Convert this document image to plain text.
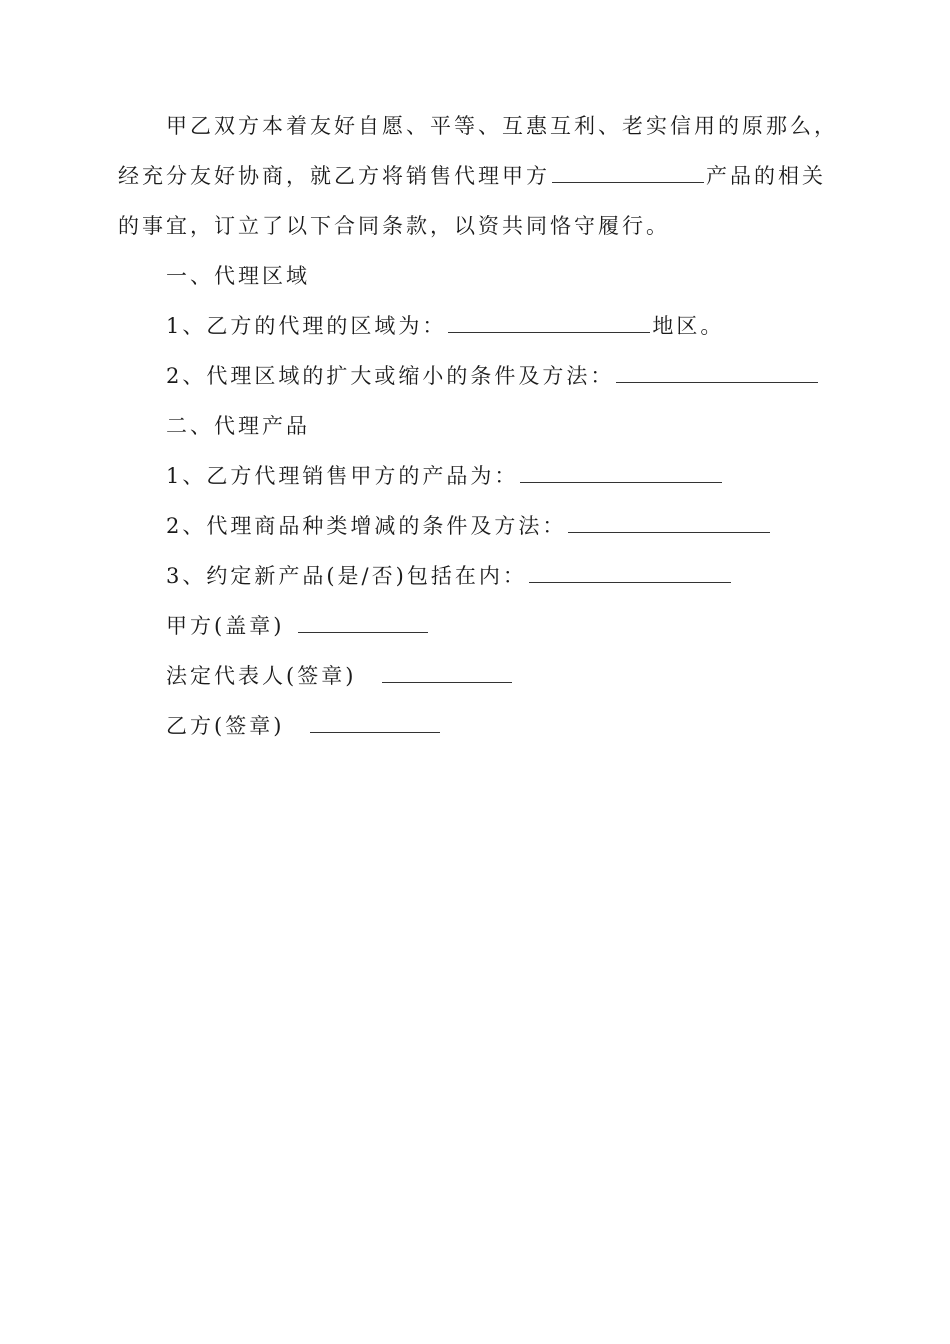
甲乙双方本着友好自愿、平等、互惠互利、老实信用的原那么，
经充分友好协商，就乙方将销售代理甲方	产品的相关
的事宜，订立了以下合同条款，以资共同恪守履行。
一、代理区域
1、乙方的代理的区域为：	地区。
2、代理区域的扩大或缩小的条件及方法：
二、代理产品
1、乙方代理销售甲方的产品为：
2、代理商品种类增减的条件及方法：
3、约定新产品(是/否)包括在内：
甲方(盖章)
法定代表人(签章)
乙方(签章)
